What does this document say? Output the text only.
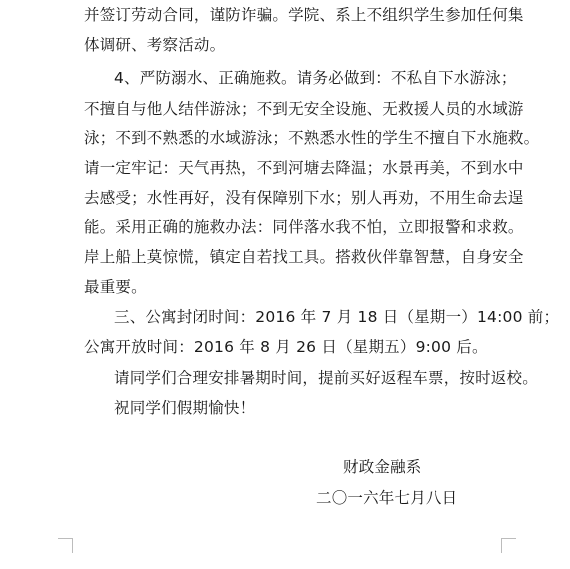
并签订劳动合同，谨防诈骗。学院、系上不组织学生参加任何集
体调研、考察活动。
4、严防溺水、正确施救。请务必做到：不私自下水游泳；
不擅自与他人结伴游泳；不到无安全设施、无救援人员的水域游
泳；不到不熟悉的水域游泳；不熟悉水性的学生不擅自下水施救。
请一定牢记：天气再热，不到河塘去降温；水景再美，不到水中
去感受；水性再好，没有保障别下水；别人再劝，不用生命去逞
能。采用正确的施救办法：同伴落水我不怕，立即报警和求救。
岸上船上莫惊慌，镇定自若找工具。搭救伙伴靠智慧，自身安全
最重要。
三、公寓封闭时间：2016 年 7 月 18 日（星期一）14:00 前；
公寓开放时间：2016 年 8 月 26 日（星期五）9:00 后。
请同学们合理安排暑期时间，提前买好返程车票，按时返校。
祝同学们假期愉快！
财政金融系
二〇一六年七月八日
